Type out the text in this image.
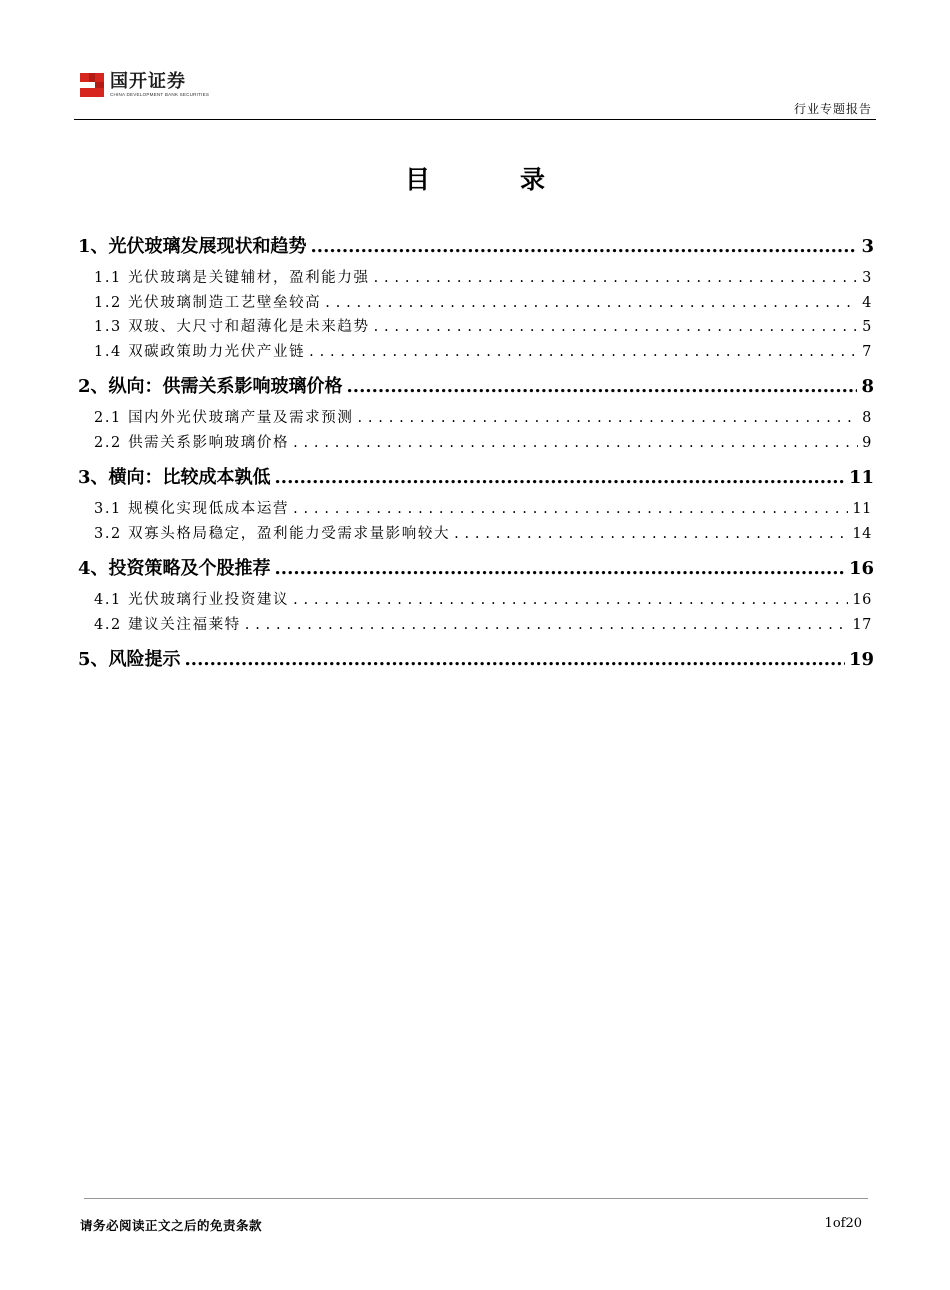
国开证券
CHINA DEVELOPMENT BANK SECURITIES
行业专题报告
目录
1、光伏玻璃发展现状和趋势 .....	3
1.1 光伏玻璃是关键辅材，盈利能力强 . . .	3
1.2 光伏玻璃制造工艺壁垒较高 . . .	4
1.3 双玻、大尺寸和超薄化是未来趋势 . . .	5
1.4 双碳政策助力光伏产业链 . . .	7
2、纵向：供需关系影响玻璃价格 .....	8
2.1 国内外光伏玻璃产量及需求预测 . . .	8
2.2 供需关系影响玻璃价格 . . .	9
3、横向：比较成本孰低 .....	11
3.1 规模化实现低成本运营 . . .	11
3.2 双寡头格局稳定，盈利能力受需求量影响较大 . . .	14
4、投资策略及个股推荐 .....	16
4.1 光伏玻璃行业投资建议 . . .	16
4.2 建议关注福莱特 . . .	17
5、风险提示 .....	19
请务必阅读正文之后的免责条款	1of20
